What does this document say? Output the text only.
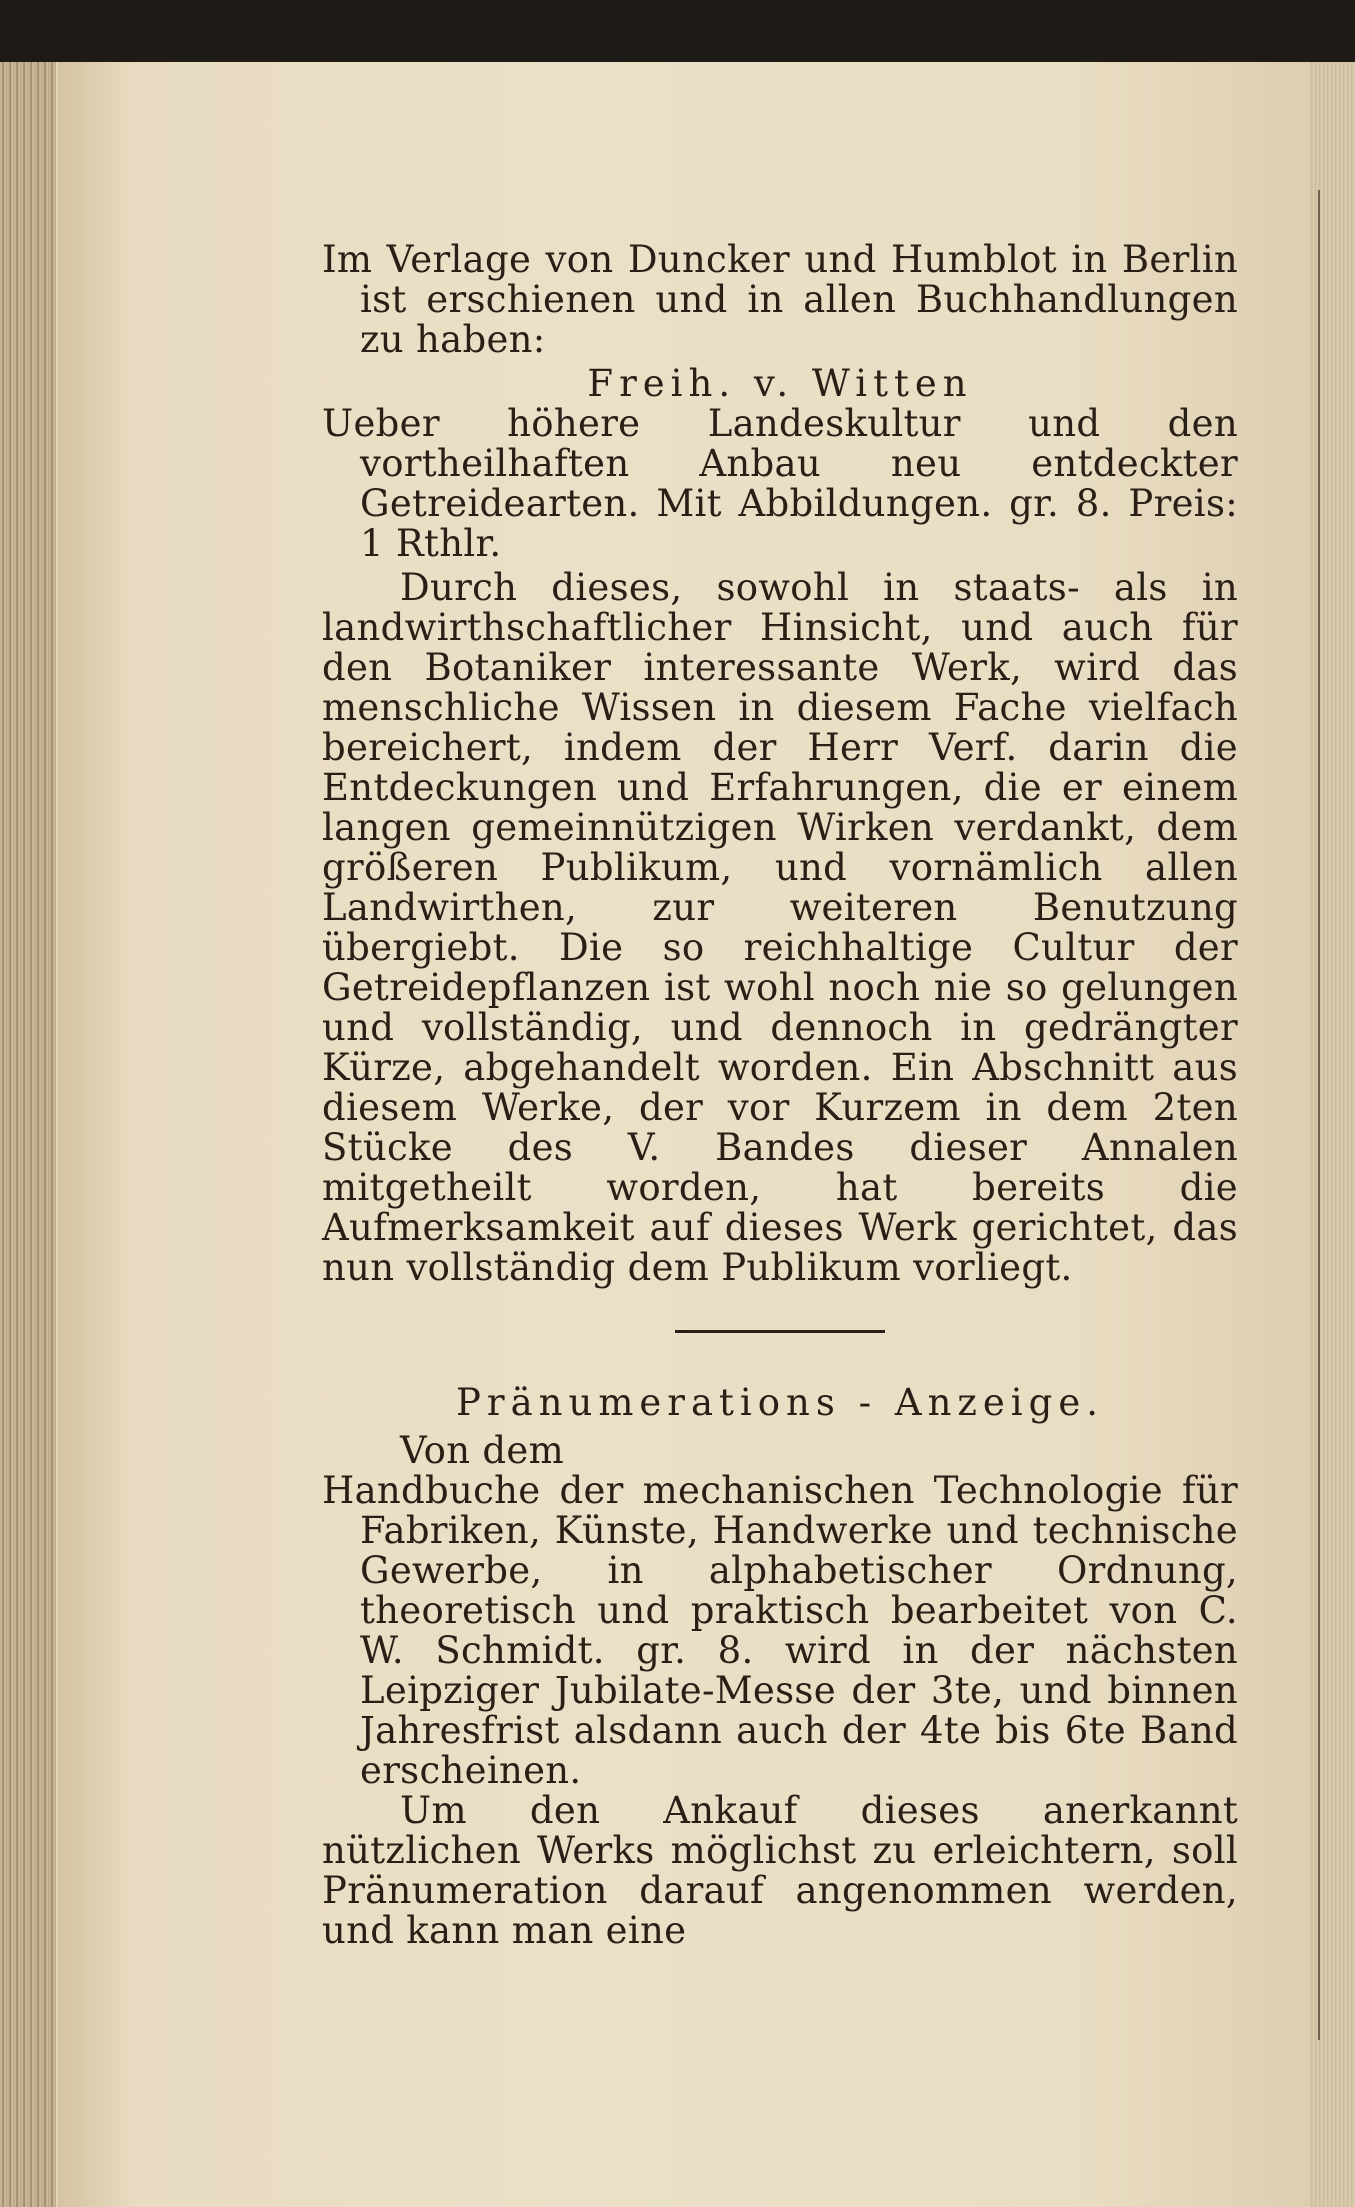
Im Verlage von Duncker und Humblot in Berlin ist erschienen und in allen Buchhandlungen zu haben:

Freih. v. Witten

Ueber höhere Landeskultur und den vortheilhaften Anbau neu entdeckter Getreidearten. Mit Abbildungen. gr. 8. Preis: 1 Rthlr.

Durch dieses, sowohl in staats- als in landwirthschaftlicher Hinsicht, und auch für den Botaniker interessante Werk, wird das menschliche Wissen in diesem Fache vielfach bereichert, indem der Herr Verf. darin die Entdeckungen und Erfahrungen, die er einem langen gemeinnützigen Wirken verdankt, dem größeren Publikum, und vornämlich allen Landwirthen, zur weiteren Benutzung übergiebt. Die so reichhaltige Cultur der Getreidepflanzen ist wohl noch nie so gelungen und vollständig, und dennoch in gedrängter Kürze, abgehandelt worden. Ein Abschnitt aus diesem Werke, der vor Kurzem in dem 2ten Stücke des V. Bandes dieser Annalen mitgetheilt worden, hat bereits die Aufmerksamkeit auf dieses Werk gerichtet, das nun vollständig dem Publikum vorliegt.

Pränumerations - Anzeige.

Von dem

Handbuche der mechanischen Technologie für Fabriken, Künste, Handwerke und technische Gewerbe, in alphabetischer Ordnung, theoretisch und praktisch bearbeitet von C. W. Schmidt. gr. 8. wird in der nächsten Leipziger Jubilate-Messe der 3te, und binnen Jahresfrist alsdann auch der 4te bis 6te Band erscheinen.

Um den Ankauf dieses anerkannt nützlichen Werks möglichst zu erleichtern, soll Pränumeration darauf angenommen werden, und kann man eine
